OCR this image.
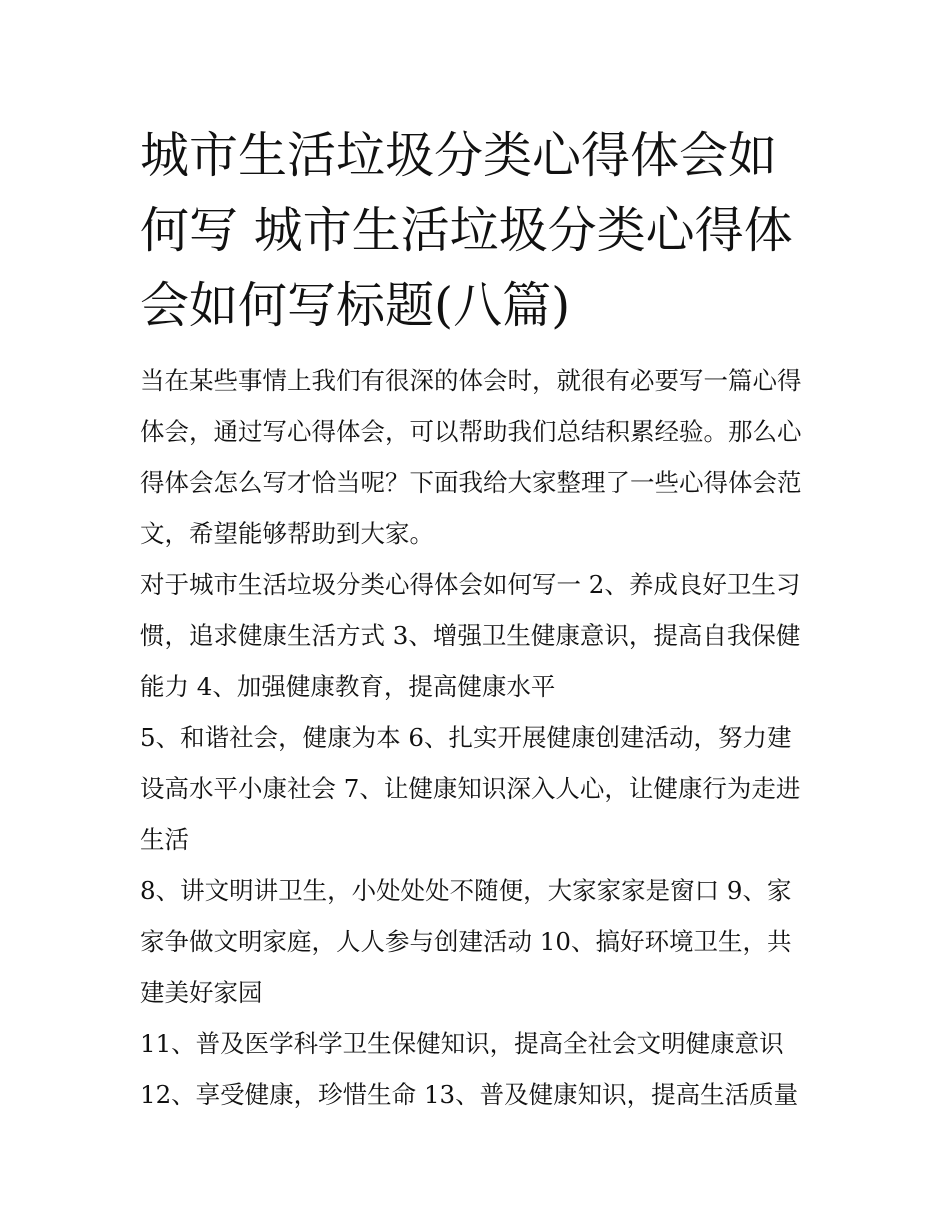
城市生活垃圾分类心得体会如何写 城市生活垃圾分类心得体会如何写标题(八篇)

当在某些事情上我们有很深的体会时，就很有必要写一篇心得体会，通过写心得体会，可以帮助我们总结积累经验。那么心得体会怎么写才恰当呢？下面我给大家整理了一些心得体会范文，希望能够帮助到大家。

对于城市生活垃圾分类心得体会如何写一 2、养成良好卫生习惯，追求健康生活方式 3、增强卫生健康意识，提高自我保健能力 4、加强健康教育，提高健康水平

5、和谐社会，健康为本 6、扎实开展健康创建活动，努力建设高水平小康社会 7、让健康知识深入人心，让健康行为走进生活

8、讲文明讲卫生，小处处处不随便，大家家家是窗口 9、家家争做文明家庭，人人参与创建活动 10、搞好环境卫生，共建美好家园

11、普及医学科学卫生保健知识，提高全社会文明健康意识

12、享受健康，珍惜生命 13、普及健康知识，提高生活质量
